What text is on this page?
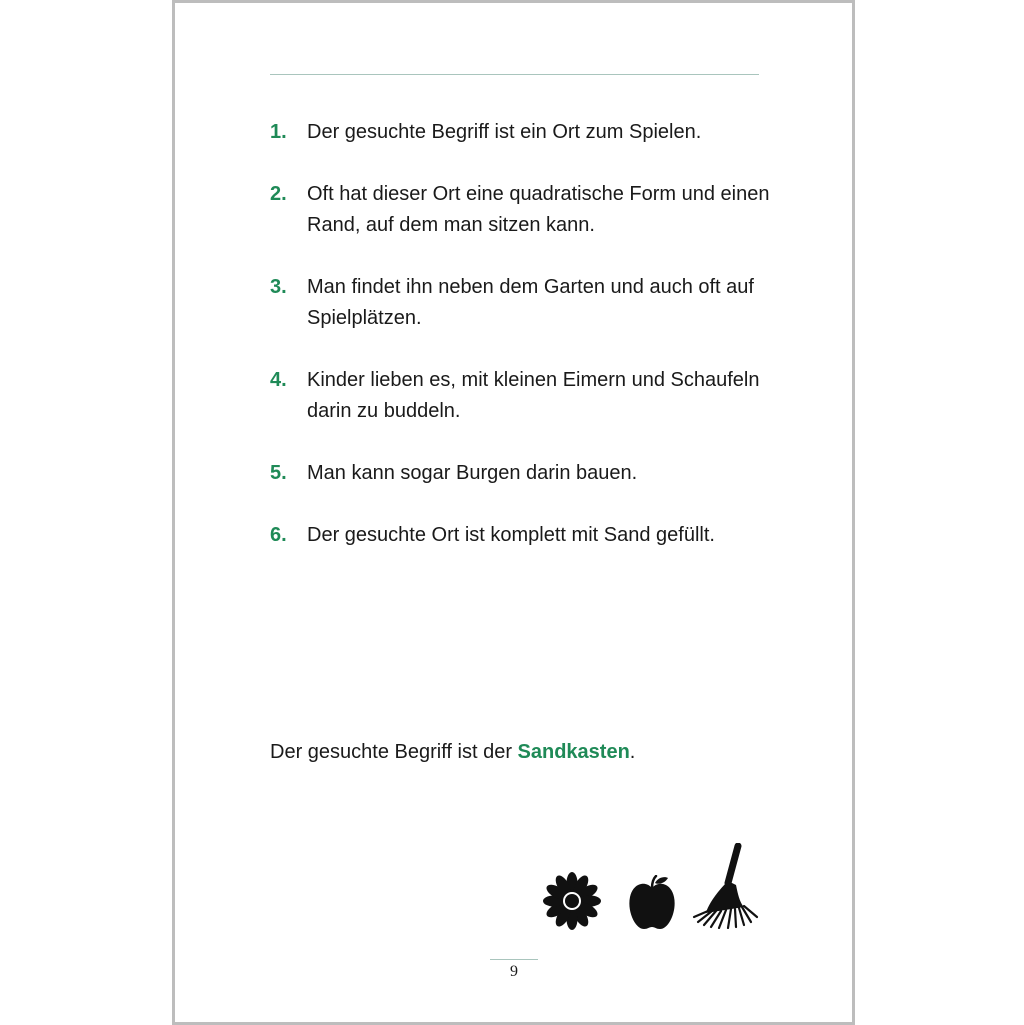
1. Der gesuchte Begriff ist ein Ort zum Spielen.
2. Oft hat dieser Ort eine quadratische Form und einen Rand, auf dem man sitzen kann.
3. Man findet ihn neben dem Garten und auch oft auf Spielplätzen.
4. Kinder lieben es, mit kleinen Eimern und Schaufeln darin zu buddeln.
5. Man kann sogar Burgen darin bauen.
6. Der gesuchte Ort ist komplett mit Sand gefüllt.
Der gesuchte Begriff ist der Sandkasten.
9
